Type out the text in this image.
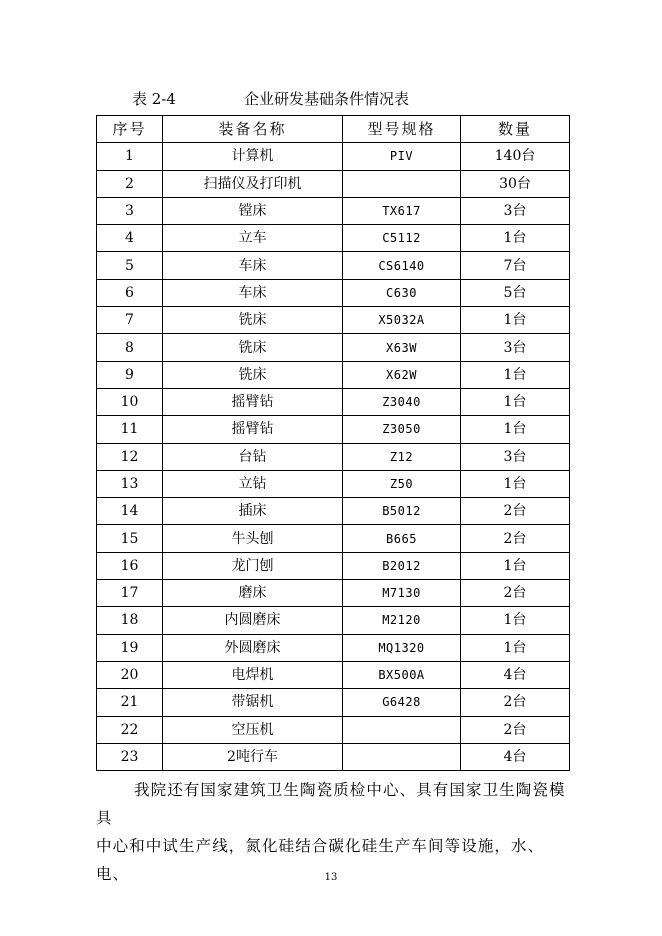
表 2-4	企业研发基础条件情况表
序号	装备名称	型号规格	数量
1	计算机	PIV	140台
2	扫描仪及打印机		30台
3	镗床	TX617	3台
4	立车	C5112	1台
5	车床	CS6140	7台
6	车床	C630	5台
7	铣床	X5032A	1台
8	铣床	X63W	3台
9	铣床	X62W	1台
10	摇臂钻	Z3040	1台
11	摇臂钻	Z3050	1台
12	台钻	Z12	3台
13	立钻	Z50	1台
14	插床	B5012	2台
15	牛头刨	B665	2台
16	龙门刨	B2012	1台
17	磨床	M7130	2台
18	内圆磨床	M2120	1台
19	外圆磨床	MQ1320	1台
20	电焊机	BX500A	4台
21	带锯机	G6428	2台
22	空压机		2台
23	2吨行车		4台

我院还有国家建筑卫生陶瓷质检中心、具有国家卫生陶瓷模具

中心和中试生产线，氮化硅结合碳化硅生产车间等设施，水、电、	13
